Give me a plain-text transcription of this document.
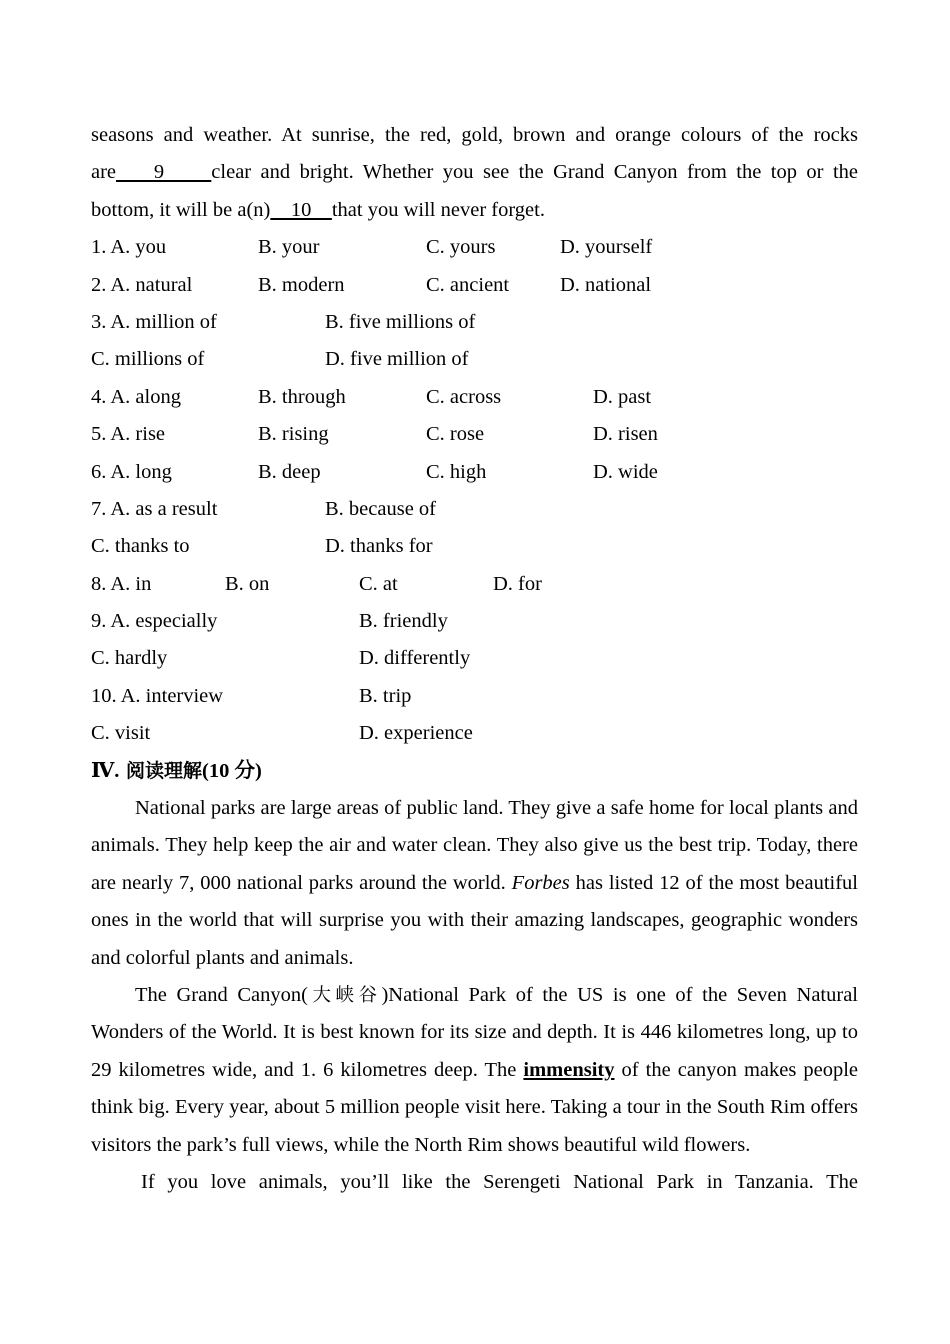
seasons and weather. At sunrise, the red, gold, brown and orange colours of the rocks
are    9     clear and bright. Whether you see the Grand Canyon from the top or the
bottom, it will be a(n)    10    that you will never forget.
1. A. you	B. your	C. yours	D. yourself
2. A. natural	B. modern	C. ancient D. national
3. A. million of	B. five millions of
C. millions of	D. five million of
4. A. along	B. through	C. across	D. past
5. A. rise	B. rising	C. rose	D. risen
6. A. long	B. deep	C. high	D. wide
7. A. as a result	B. because of
C. thanks to	D. thanks for
8. A. in	B. on	C. at	D. for
9. A. especially	B. friendly
C. hardly	D. differently
10. A. interview	B. trip
C. visit	D. experience
Ⅳ. 阅读理解(10 分)
National parks are large areas of public land. They give a safe home for local plants and animals. They help keep the air and water clean. They also give us the best trip. Today, there are nearly 7, 000 national parks around the world. Forbes has listed 12 of the most beautiful ones in the world that will surprise you with their amazing landscapes, geographic wonders and colorful plants and animals.
The Grand Canyon(大峡谷)National Park of the US is one of the Seven Natural Wonders of the World. It is best known for its size and depth. It is 446 kilometres long, up to 29 kilometres wide, and 1. 6 kilometres deep. The immensity of the canyon makes people think big. Every year, about 5 million people visit here. Taking a tour in the South Rim offers visitors the park’s full views, while the North Rim shows beautiful wild flowers.
If you love animals, you’ll like the Serengeti National Park in Tanzania. The
